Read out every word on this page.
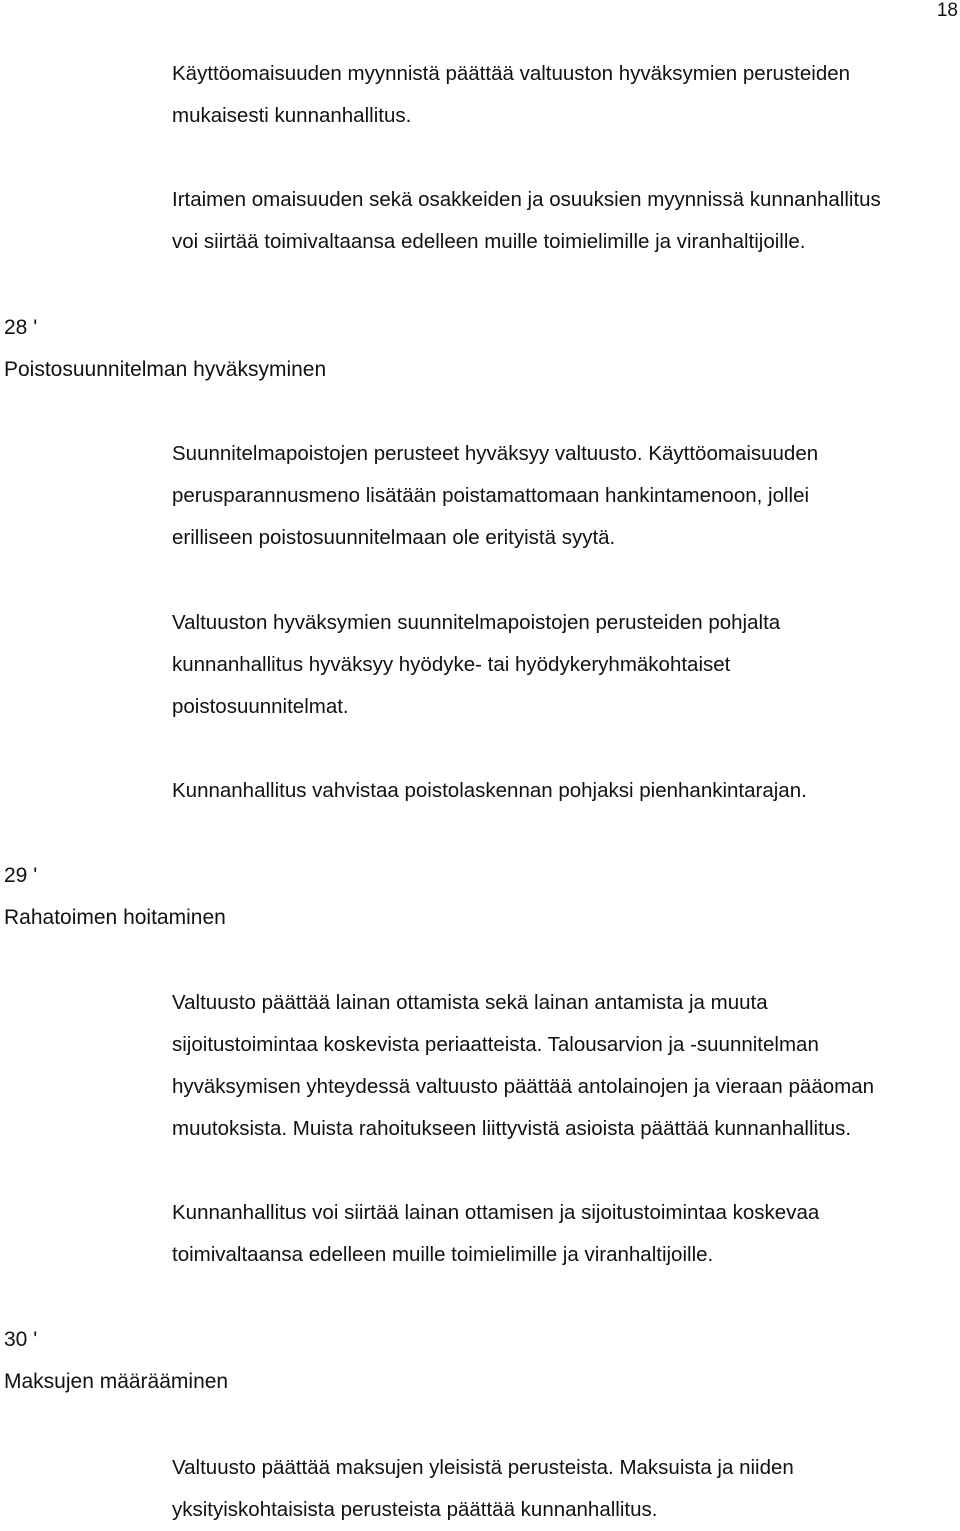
18
Käyttöomaisuuden myynnistä päättää valtuuston hyväksymien perusteiden
mukaisesti kunnanhallitus.
Irtaimen omaisuuden sekä osakkeiden ja osuuksien myynnissä kunnanhallitus
voi siirtää toimivaltaansa edelleen muille toimielimille ja viranhaltijoille.
28 '
Poistosuunnitelman hyväksyminen
Suunnitelmapoistojen perusteet hyväksyy valtuusto. Käyttöomaisuuden
perusparannusmeno lisätään poistamattomaan hankintamenoon, jollei
erilliseen poistosuunnitelmaan ole erityistä syytä.
Valtuuston hyväksymien suunnitelmapoistojen perusteiden pohjalta
kunnanhallitus hyväksyy hyödyke- tai hyödykeryhmäkohtaiset
poistosuunnitelmat.
Kunnanhallitus vahvistaa poistolaskennan pohjaksi pienhankintarajan.
29 '
Rahatoimen hoitaminen
Valtuusto päättää lainan ottamista sekä lainan antamista ja muuta
sijoitustoimintaa koskevista periaatteista. Talousarvion ja -suunnitelman
hyväksymisen yhteydessä valtuusto päättää antolainojen ja vieraan pääoman
muutoksista. Muista rahoitukseen liittyvistä asioista päättää kunnanhallitus.
Kunnanhallitus voi siirtää lainan ottamisen ja sijoitustoimintaa koskevaa
toimivaltaansa edelleen muille toimielimille ja viranhaltijoille.
30 '
Maksujen määrääminen
Valtuusto päättää maksujen yleisistä perusteista. Maksuista ja niiden
yksityiskohtaisista perusteista päättää kunnanhallitus.
